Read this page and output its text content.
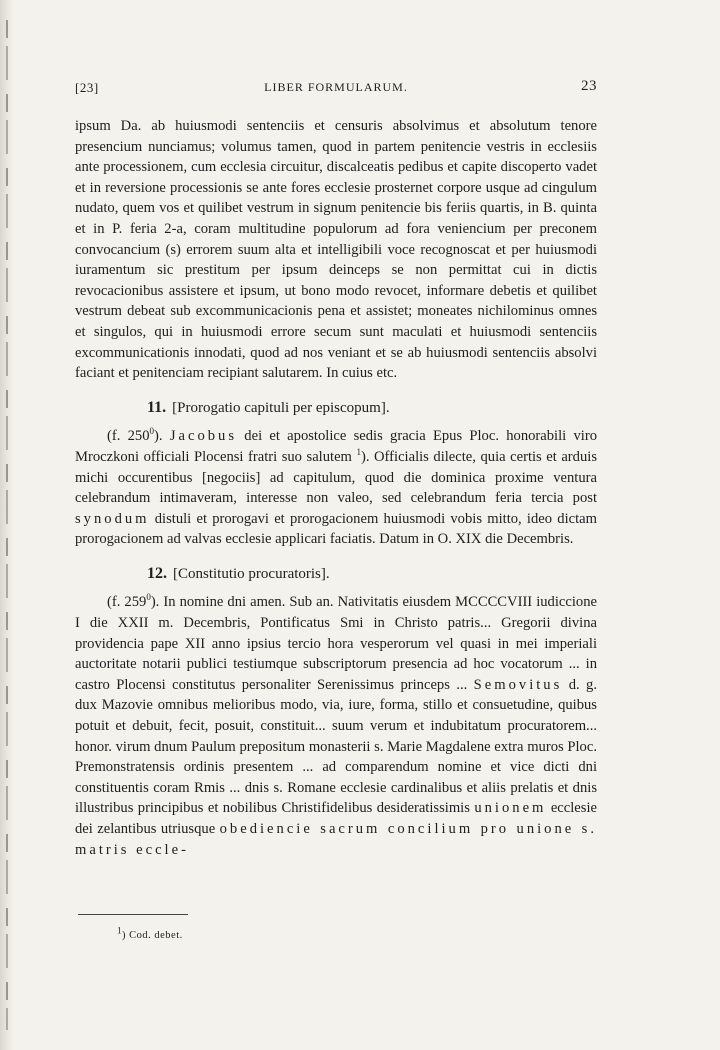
[23]	LIBER FORMULARUM.	23

ipsum Da. ab huiusmodi sentenciis et censuris absolvimus et absolutum tenore presencium nunciamus; volumus tamen, quod in partem penitencie vestris in ecclesiis ante processionem, cum ecclesia circuitur, discalceatis pedibus et capite discoperto vadet et in reversione processionis se ante fores ecclesie prosternet corpore usque ad cingulum nudato, quem vos et quilibet vestrum in signum penitencie bis feriis quartis, in B. quinta et in P. feria 2-a, coram multitudine populorum ad fora veniencium per preconem convocancium (s) errorem suum alta et intelligibili voce recognoscat et per huiusmodi iuramentum sic prestitum per ipsum deinceps se non permittat cui in dictis revocacionibus assistere et ipsum, ut bono modo revocet, informare debetis et quilibet vestrum debeat sub excommunicacionis pena et assistet; moneates nichilominus omnes et singulos, qui in huiusmodi errore secum sunt maculati et huiusmodi sentenciis excommunicationis innodati, quod ad nos veniant et se ab huiusmodi sentenciis absolvi faciant et penitenciam recipiant salutarem. In cuius etc.

11. [Prorogatio capituli per episcopum].

(f. $250^0$). Jacobus dei et apostolice sedis gracia Epus Ploc. honorabili viro Mroczkoni officiali Plocensi fratri suo salutem $^1$). Officialis dilecte, quia certis et arduis michi occurentibus [negociis] ad capitulum, quod die dominica proxime ventura celebrandum intimaveram, interesse non valeo, sed celebrandum feria tercia post synodum distuli et prorogavi et prorogacionem huiusmodi vobis mitto, ideo dictam prorogacionem ad valvas ecclesie applicari faciatis. Datum in O. XIX die Decembris.

12. [Constitutio procuratoris].

(f. $259^0$). In nomine dni amen. Sub an. Nativitatis eiusdem MCCCCVIII iudiccione I die XXII m. Decembris, Pontificatus Smi in Christo patris... Gregorii divina providencia pape XII anno ipsius tercio hora vesperorum vel quasi in mei imperiali auctoritate notarii publici testiumque subscriptorum presencia ad hoc vocatorum ... in castro Plocensi constitutus personaliter Serenissimus princeps ... Semovitus d. g. dux Mazovie omnibus melioribus modo, via, iure, forma, stillo et consuetudine, quibus potuit et debuit, fecit, posuit, constituit... suum verum et indubitatum procuratorem... honor. virum dnum Paulum prepositum monasterii s. Marie Magdalene extra muros Ploc. Premonstratensis ordinis presentem ... ad comparendum nomine et vice dicti dni constituentis coram Rmis ... dnis s. Romane ecclesie cardinalibus et aliis prelatis et dnis illustribus principibus et nobilibus Christifidelibus desideratissimis unionem ecclesie dei zelantibus utriusque obediencie sacrum concilium pro unione s. matris eccle-

1) Cod. debet.
